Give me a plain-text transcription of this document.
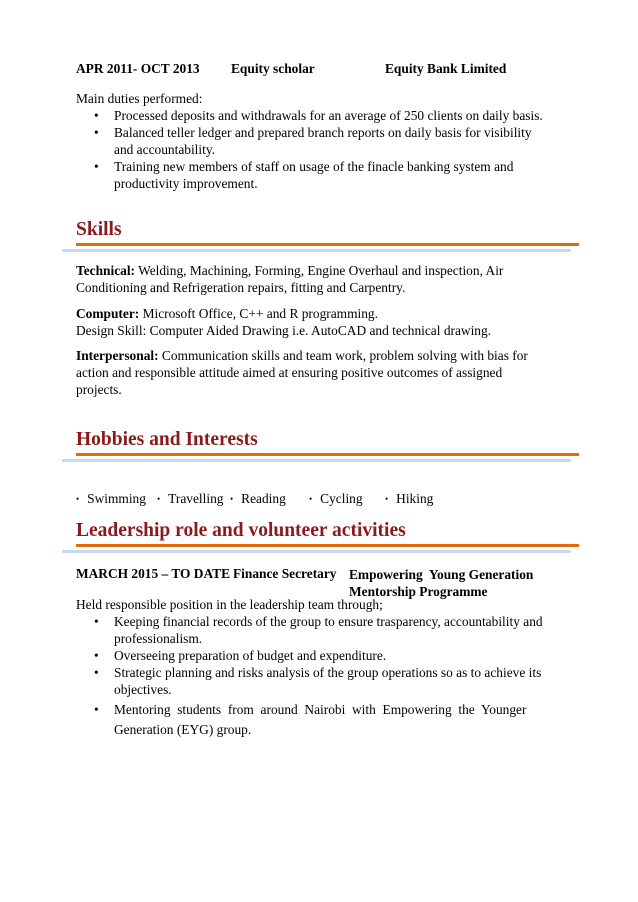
APR 2011- OCT 2013 Equity scholar	Equity Bank Limited
Main duties performed:
• Processed deposits and withdrawals for an average of 250 clients on daily basis.
• Balanced teller ledger and prepared branch reports on daily basis for visibility
and accountability.
• Training new members of staff on usage of the finacle banking system and
productivity improvement.
Skills
Technical: Welding, Machining, Forming, Engine Overhaul and inspection, Air
Conditioning and Refrigeration repairs, fitting and Carpentry.
Computer: Microsoft Office, C++ and R programming.
Design Skill: Computer Aided Drawing i.e. AutoCAD and technical drawing.
Interpersonal: Communication skills and team work, problem solving with bias for
action and responsible attitude aimed at ensuring positive outcomes of assigned
projects.
Hobbies and Interests
• Swimming • Travelling • Reading	• Cycling • Hiking
Leadership role and volunteer activities
MARCH 2015 – TO DATE Finance Secretary Empowering  Young Generation
Mentorship Programme
Held responsible position in the leadership team through;
• Keeping financial records of the group to ensure trasparency, accountability and
professionalism.
• Overseeing preparation of budget and expenditure.
• Strategic planning and risks analysis of the group operations so as to achieve its
objectives.
• Mentoring  students  from  around  Nairobi  with  Empowering  the  Younger
Generation (EYG) group.
